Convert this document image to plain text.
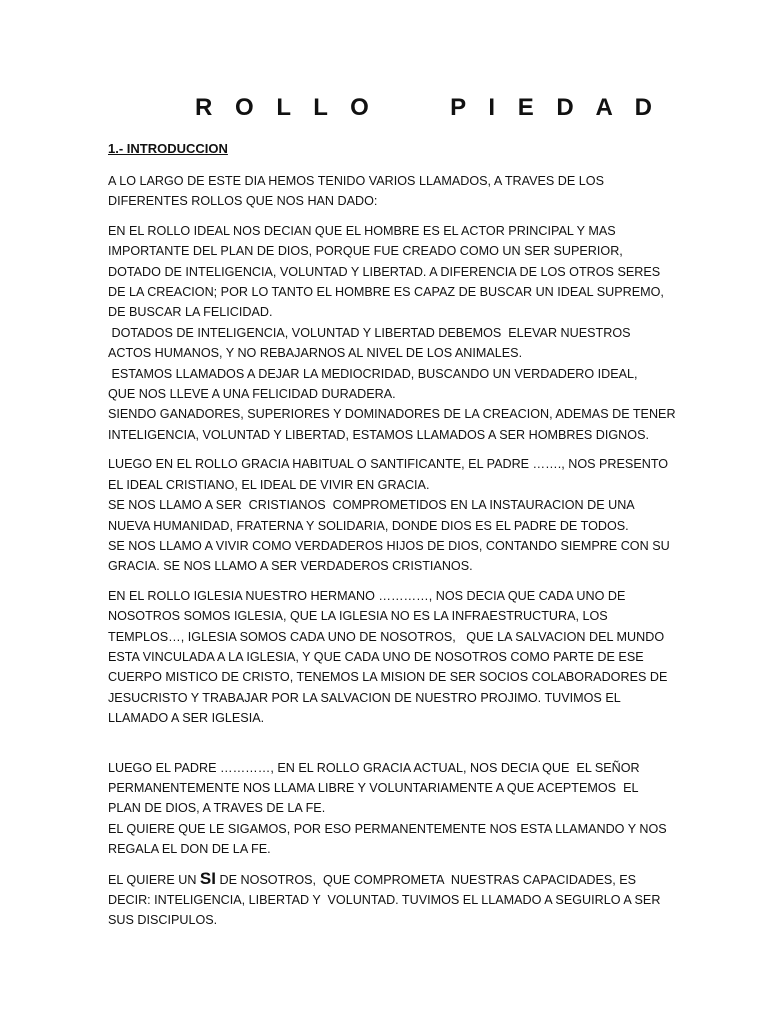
R O L L O     P I E D A D
1.- INTRODUCCION

A LO LARGO DE ESTE DIA HEMOS TENIDO VARIOS LLAMADOS, A TRAVES DE LOS
DIFERENTES ROLLOS QUE NOS HAN DADO:

EN EL ROLLO IDEAL NOS DECIAN QUE EL HOMBRE ES EL ACTOR PRINCIPAL Y MAS
IMPORTANTE DEL PLAN DE DIOS, PORQUE FUE CREADO COMO UN SER SUPERIOR,
DOTADO DE INTELIGENCIA, VOLUNTAD Y LIBERTAD. A DIFERENCIA DE LOS OTROS SERES
DE LA CREACION; POR LO TANTO EL HOMBRE ES CAPAZ DE BUSCAR UN IDEAL SUPREMO,
DE BUSCAR LA FELICIDAD.
DOTADOS DE INTELIGENCIA, VOLUNTAD Y LIBERTAD DEBEMOS  ELEVAR NUESTROS
ACTOS HUMANOS, Y NO REBAJARNOS AL NIVEL DE LOS ANIMALES.
ESTAMOS LLAMADOS A DEJAR LA MEDIOCRIDAD, BUSCANDO UN VERDADERO IDEAL,
QUE NOS LLEVE A UNA FELICIDAD DURADERA.
SIENDO GANADORES, SUPERIORES Y DOMINADORES DE LA CREACION, ADEMAS DE TENER
INTELIGENCIA, VOLUNTAD Y LIBERTAD, ESTAMOS LLAMADOS A SER HOMBRES DIGNOS.

LUEGO EN EL ROLLO GRACIA HABITUAL O SANTIFICANTE, EL PADRE ……., NOS PRESENTO
EL IDEAL CRISTIANO, EL IDEAL DE VIVIR EN GRACIA.
SE NOS LLAMO A SER  CRISTIANOS  COMPROMETIDOS EN LA INSTAURACION DE UNA
NUEVA HUMANIDAD, FRATERNA Y SOLIDARIA, DONDE DIOS ES EL PADRE DE TODOS.
SE NOS LLAMO A VIVIR COMO VERDADEROS HIJOS DE DIOS, CONTANDO SIEMPRE CON SU
GRACIA. SE NOS LLAMO A SER VERDADEROS CRISTIANOS.

EN EL ROLLO IGLESIA NUESTRO HERMANO …………, NOS DECIA QUE CADA UNO DE
NOSOTROS SOMOS IGLESIA, QUE LA IGLESIA NO ES LA INFRAESTRUCTURA, LOS
TEMPLOS…, IGLESIA SOMOS CADA UNO DE NOSOTROS,   QUE LA SALVACION DEL MUNDO
ESTA VINCULADA A LA IGLESIA, Y QUE CADA UNO DE NOSOTROS COMO PARTE DE ESE
CUERPO MISTICO DE CRISTO, TENEMOS LA MISION DE SER SOCIOS COLABORADORES DE
JESUCRISTO Y TRABAJAR POR LA SALVACION DE NUESTRO PROJIMO. TUVIMOS EL
LLAMADO A SER IGLESIA.

LUEGO EL PADRE …………, EN EL ROLLO GRACIA ACTUAL, NOS DECIA QUE  EL SEÑOR
PERMANENTEMENTE NOS LLAMA LIBRE Y VOLUNTARIAMENTE A QUE ACEPTEMOS  EL
PLAN DE DIOS, A TRAVES DE LA FE.
EL QUIERE QUE LE SIGAMOS, POR ESO PERMANENTEMENTE NOS ESTA LLAMANDO Y NOS
REGALA EL DON DE LA FE.

EL QUIERE UN SI DE NOSOTROS,  QUE COMPROMETA  NUESTRAS CAPACIDADES, ES
DECIR: INTELIGENCIA, LIBERTAD Y  VOLUNTAD. TUVIMOS EL LLAMADO A SEGUIRLO A SER
SUS DISCIPULOS.
